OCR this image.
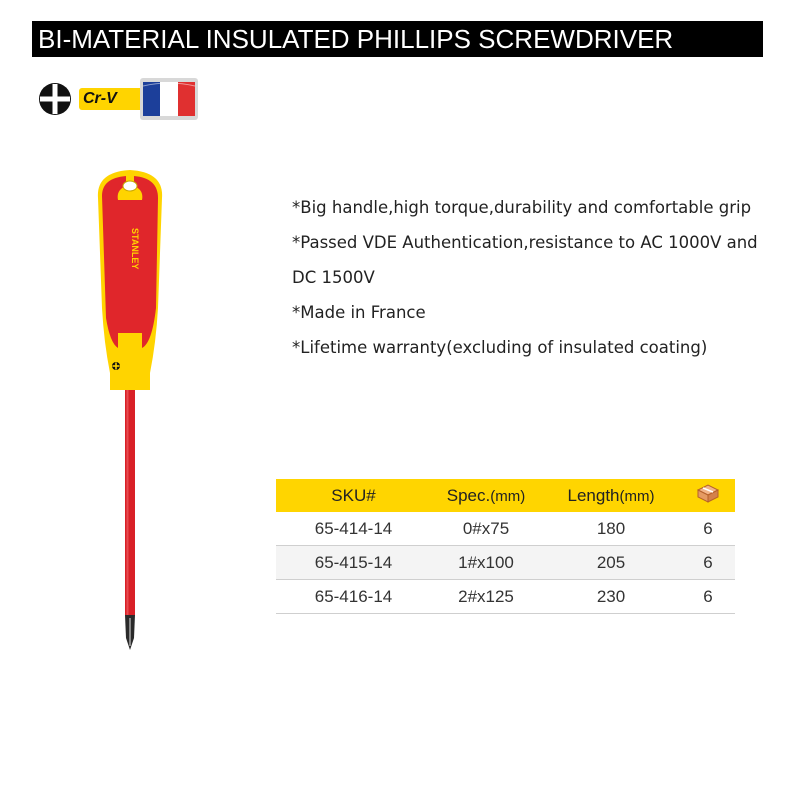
BI-MATERIAL INSULATED PHILLIPS SCREWDRIVER
Cr-V
STANLEY

*Big handle,high torque,durability and comfortable grip

*Passed VDE Authentication,resistance to AC 1000V and DC 1500V

*Made in France

*Lifetime warranty(excluding of insulated coating)

SKU#	Spec.(mm)	Length(mm)	
65-414-14	0#x75	180	6
65-415-14	1#x100	205	6
65-416-14	2#x125	230	6
